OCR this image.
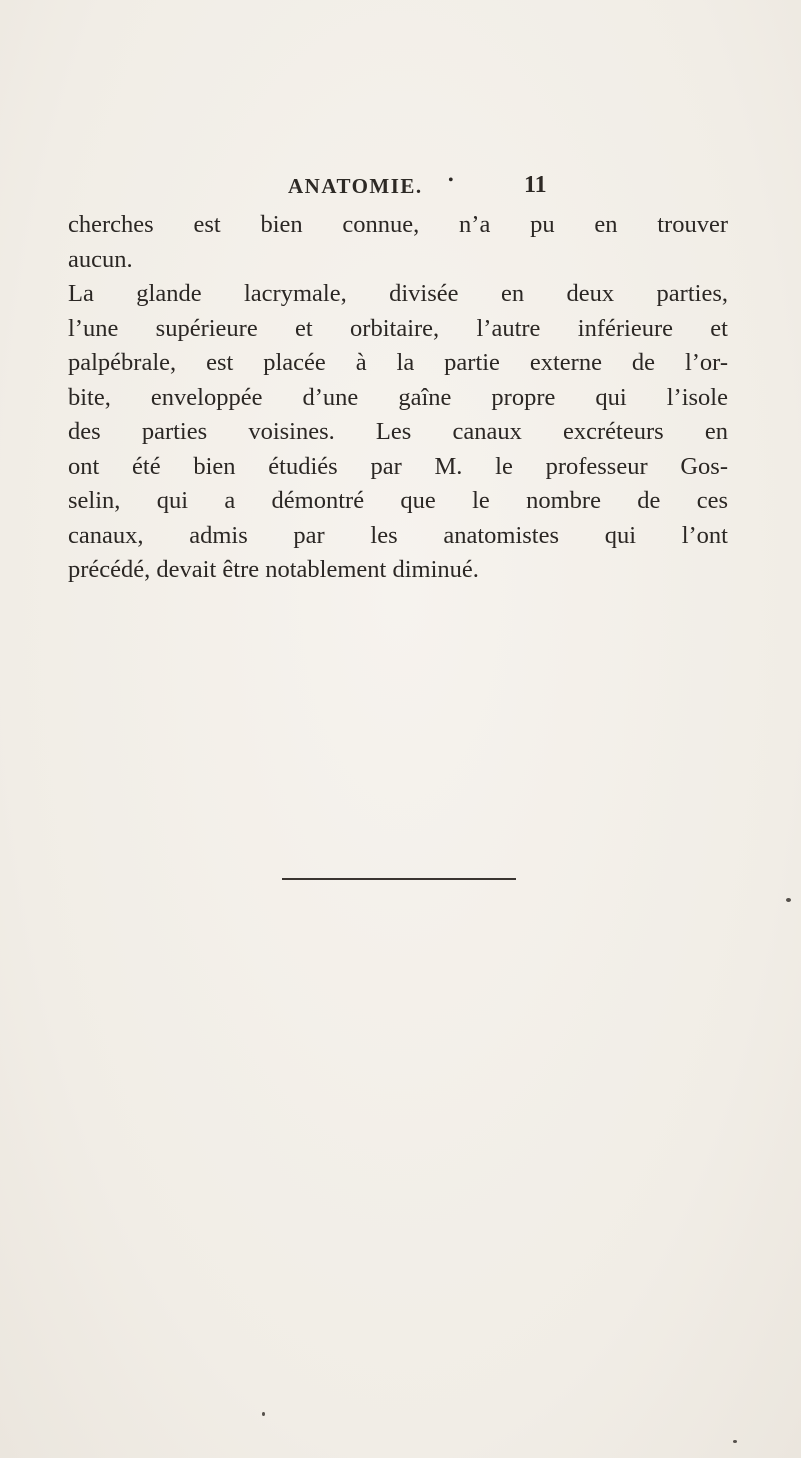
ANATOMIE. •	11
cherches est bien connue, n’a pu en trouver
aucun.
La glande lacrymale, divisée en deux parties,
l’une supérieure et orbitaire, l’autre inférieure et
palpébrale, est placée à la partie externe de l’or-
bite, enveloppée d’une gaîne propre qui l’isole
des parties voisines. Les canaux excréteurs en
ont été bien étudiés par M. le professeur Gos-
selin, qui a démontré que le nombre de ces
canaux, admis par les anatomistes qui l’ont
précédé, devait être notablement diminué.
